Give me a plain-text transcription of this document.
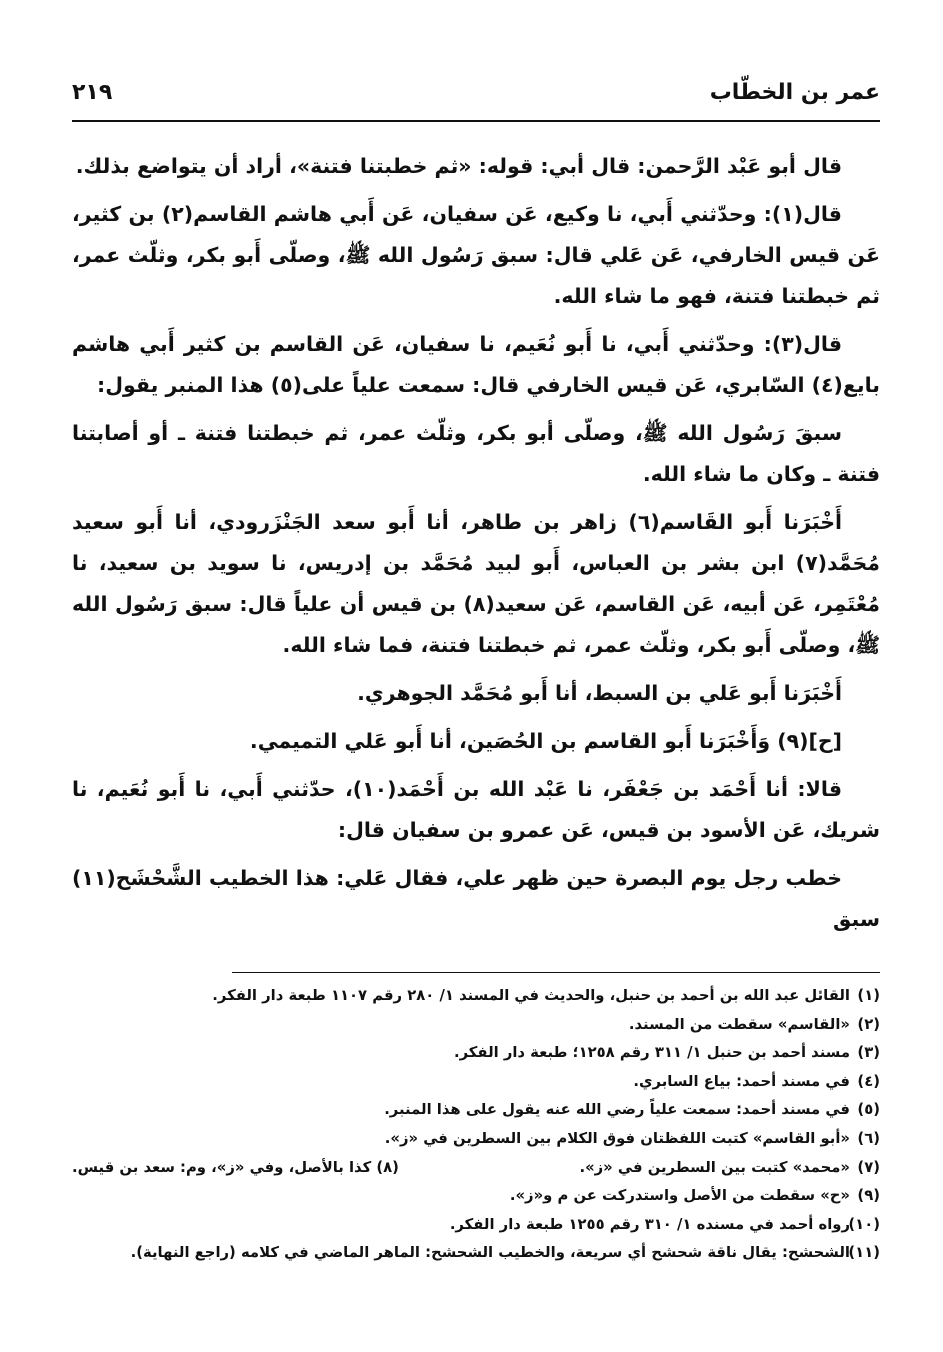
عمر بن الخطّاب
٢١٩

قال أبو عَبْد الرَّحمن: قال أبي: قوله: «ثم خطبتنا فتنة»، أراد أن يتواضع بذلك.

قال(١): وحدّثني أَبي، نا وكيع، عَن سفيان، عَن أَبي هاشم القاسم(٢) بن كثير، عَن قيس الخارفي، عَن عَلي قال: سبق رَسُول الله ﷺ، وصلّى أَبو بكر، وثلّث عمر، ثم خبطتنا فتنة، فهو ما شاء الله.

قال(٣): وحدّثني أَبي، نا أَبو نُعَيم، نا سفيان، عَن القاسم بن كثير أَبي هاشم بايع(٤) السّابري، عَن قيس الخارفي قال: سمعت علياً على(٥) هذا المنبر يقول:

سبقَ رَسُول الله ﷺ، وصلّى أبو بكر، وثلّث عمر، ثم خبطتنا فتنة ـ أو أصابتنا فتنة ـ وكان ما شاء الله.

أَخْبَرَنا أَبو القَاسم(٦) زاهر بن طاهر، أنا أَبو سعد الجَنْزَرودي، أنا أَبو سعيد مُحَمَّد(٧) ابن بشر بن العباس، أَبو لبيد مُحَمَّد بن إدريس، نا سويد بن سعيد، نا مُعْتَمِر، عَن أبيه، عَن القاسم، عَن سعيد(٨) بن قيس أن علياً قال: سبق رَسُول الله ﷺ، وصلّى أَبو بكر، وثلّث عمر، ثم خبطتنا فتنة، فما شاء الله.

أَخْبَرَنا أَبو عَلي بن السبط، أنا أَبو مُحَمَّد الجوهري.

[ح](٩) وَأَخْبَرَنا أَبو القاسم بن الحُصَين، أنا أَبو عَلي التميمي.

قالا: أنا أَحْمَد بن جَعْفَر، نا عَبْد الله بن أَحْمَد(١٠)، حدّثني أَبي، نا أَبو نُعَيم، نا شريك، عَن الأسود بن قيس، عَن عمرو بن سفيان قال:

خطب رجل يوم البصرة حين ظهر علي، فقال عَلي: هذا الخطيب الشَّحْشَح(١١) سبق

(١)القائل عبد الله بن أحمد بن حنبل، والحديث في المسند ١/ ٢٨٠ رقم ١١٠٧ طبعة دار الفكر.
(٢)«القاسم» سقطت من المسند.
(٣)مسند أحمد بن حنبل ١/ ٣١١ رقم ١٢٥٨؛ طبعة دار الفكر.
(٤)في مسند أحمد: بياع السابري.
(٥)في مسند أحمد: سمعت علياً رضي الله عنه يقول على هذا المنبر.
(٦)«أبو القاسم» كتبت اللفظتان فوق الكلام بين السطرين في «ز».
(٧)«محمد» كتبت بين السطرين في «ز».
(٨) كذا بالأصل، وفي «ز»، وم: سعد بن قيس.
(٩)«ح» سقطت من الأصل واستدركت عن م و«ز».
(١٠)رواه أحمد في مسنده ١/ ٣١٠ رقم ١٢٥٥ طبعة دار الفكر.
(١١)الشحشح: يقال ناقة شحشح أي سريعة، والخطيب الشحشح: الماهر الماضي في كلامه (راجع النهاية).
